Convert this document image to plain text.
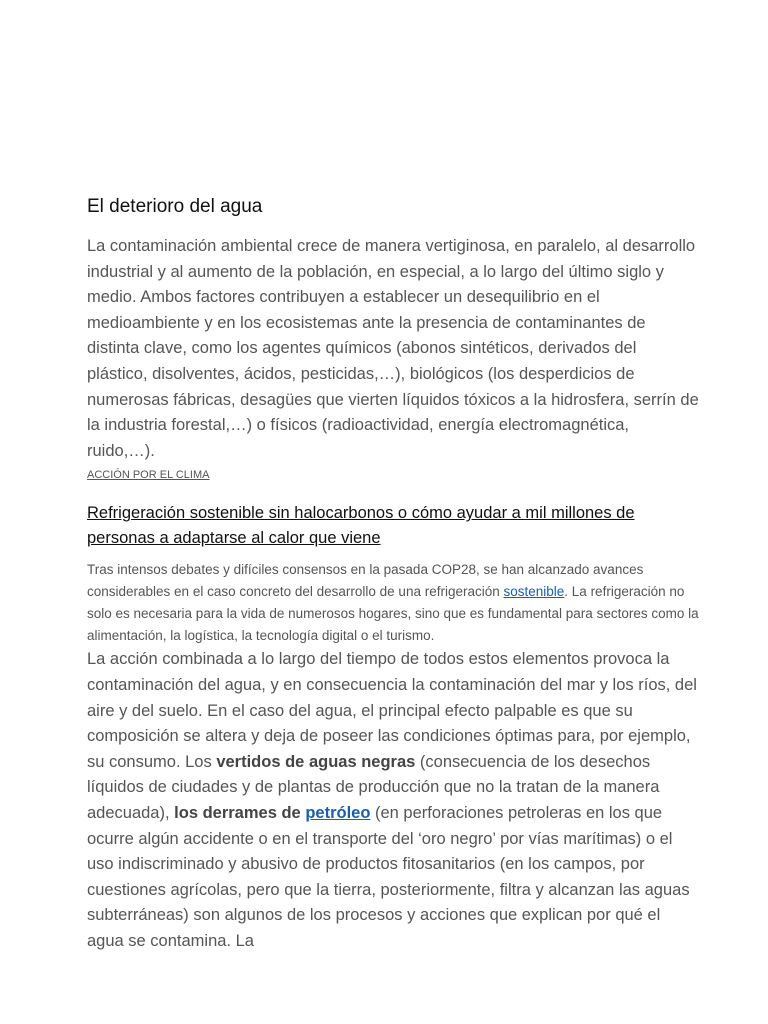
El deterioro del agua

La contaminación ambiental crece de manera vertiginosa, en paralelo, al desarrollo industrial y al aumento de la población, en especial, a lo largo del último siglo y medio. Ambos factores contribuyen a establecer un desequilibrio en el medioambiente y en los ecosistemas ante la presencia de contaminantes de distinta clave, como los agentes químicos (abonos sintéticos, derivados del plástico, disolventes, ácidos, pesticidas,…), biológicos (los desperdicios de numerosas fábricas, desagües que vierten líquidos tóxicos a la hidrosfera, serrín de la industria forestal,…) o físicos (radioactividad, energía electromagnética, ruido,…).

ACCIÓN POR EL CLIMA
Refrigeración sostenible sin halocarbonos o cómo ayudar a mil millones de personas a adaptarse al calor que viene

Tras intensos debates y difíciles consensos en la pasada COP28, se han alcanzado avances considerables en el caso concreto del desarrollo de una refrigeración sostenible. La refrigeración no solo es necesaria para la vida de numerosos hogares, sino que es fundamental para sectores como la alimentación, la logística, la tecnología digital o el turismo.

La acción combinada a lo largo del tiempo de todos estos elementos provoca la contaminación del agua, y en consecuencia la contaminación del mar y los ríos, del aire y del suelo. En el caso del agua, el principal efecto palpable es que su composición se altera y deja de poseer las condiciones óptimas para, por ejemplo, su consumo. Los vertidos de aguas negras (consecuencia de los desechos líquidos de ciudades y de plantas de producción que no la tratan de la manera adecuada), los derrames de petróleo (en perforaciones petroleras en los que ocurre algún accidente o en el transporte del ‘oro negro’ por vías marítimas) o el uso indiscriminado y abusivo de productos fitosanitarios (en los campos, por cuestiones agrícolas, pero que la tierra, posteriormente, filtra y alcanzan las aguas subterráneas) son algunos de los procesos y acciones que explican por qué el agua se contamina. La
